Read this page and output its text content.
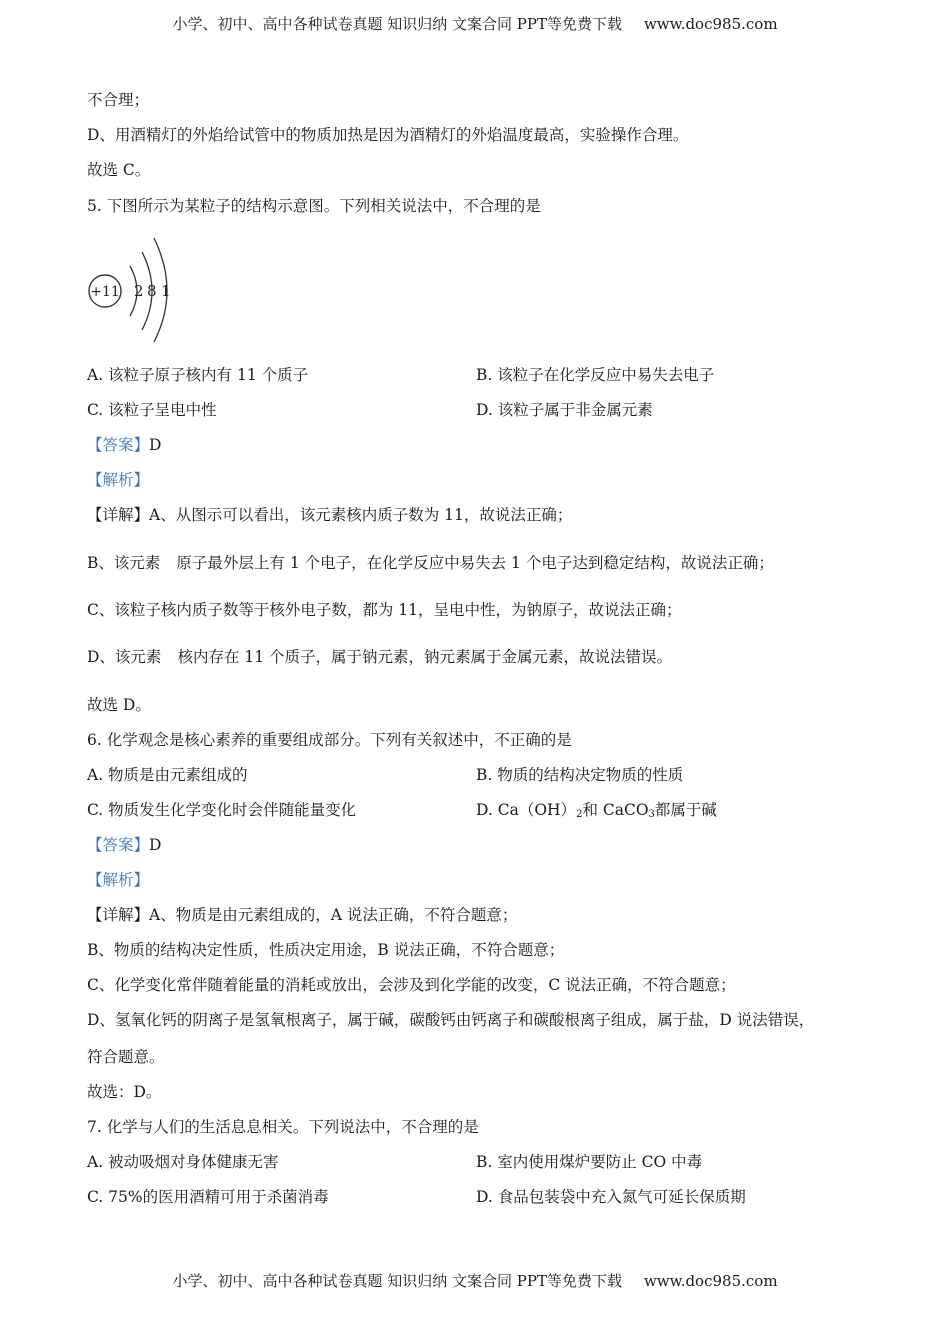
小学、初中、高中各种试卷真题 知识归纳 文案合同 PPT等免费下载 www.doc985.com
不合理；
D、用酒精灯的外焰给试管中的物质加热是因为酒精灯的外焰温度最高，实验操作合理。
故选 C。
5. 下图所示为某粒子的结构示意图。下列相关说法中，不合理的是
+11 2 8 1
A. 该粒子原子核内有 11 个质子	B. 该粒子在化学反应中易失去电子
C. 该粒子呈电中性	D. 该粒子属于非金属元素
【答案】D
【解析】
【详解】A、从图示可以看出，该元素核内质子数为 11，故说法正确；
B、该元素 原子最外层上有 1 个电子，在化学反应中易失去 1 个电子达到稳定结构，故说法正确；
C、该粒子核内质子数等于核外电子数，都为 11，呈电中性，为钠原子，故说法正确；
D、该元素 核内存在 11 个质子，属于钠元素，钠元素属于金属元素，故说法错误。
故选 D。
6. 化学观念是核心素养的重要组成部分。下列有关叙述中，不正确的是
A. 物质是由元素组成的	B. 物质的结构决定物质的性质
C. 物质发生化学变化时会伴随能量变化	D. $Ca(OH)_2$和 CaCO$_3$都属于碱
【答案】D
【解析】
【详解】A、物质是由元素组成的，A 说法正确，不符合题意；
B、物质的结构决定性质，性质决定用途，B 说法正确，不符合题意；
C、化学变化常伴随着能量的消耗或放出，会涉及到化学能的改变，C 说法正确，不符合题意；
D、氢氧化钙的阴离子是氢氧根离子，属于碱，碳酸钙由钙离子和碳酸根离子组成，属于盐，D 说法错误，
符合题意。
故选：D。
7. 化学与人们的生活息息相关。下列说法中，不合理的是
A. 被动吸烟对身体健康无害	B. 室内使用煤炉要防止 CO 中毒
C. 75%的医用酒精可用于杀菌消毒	D. 食品包装袋中充入氮气可延长保质期
小学、初中、高中各种试卷真题 知识归纳 文案合同 PPT等免费下载 www.doc985.com
